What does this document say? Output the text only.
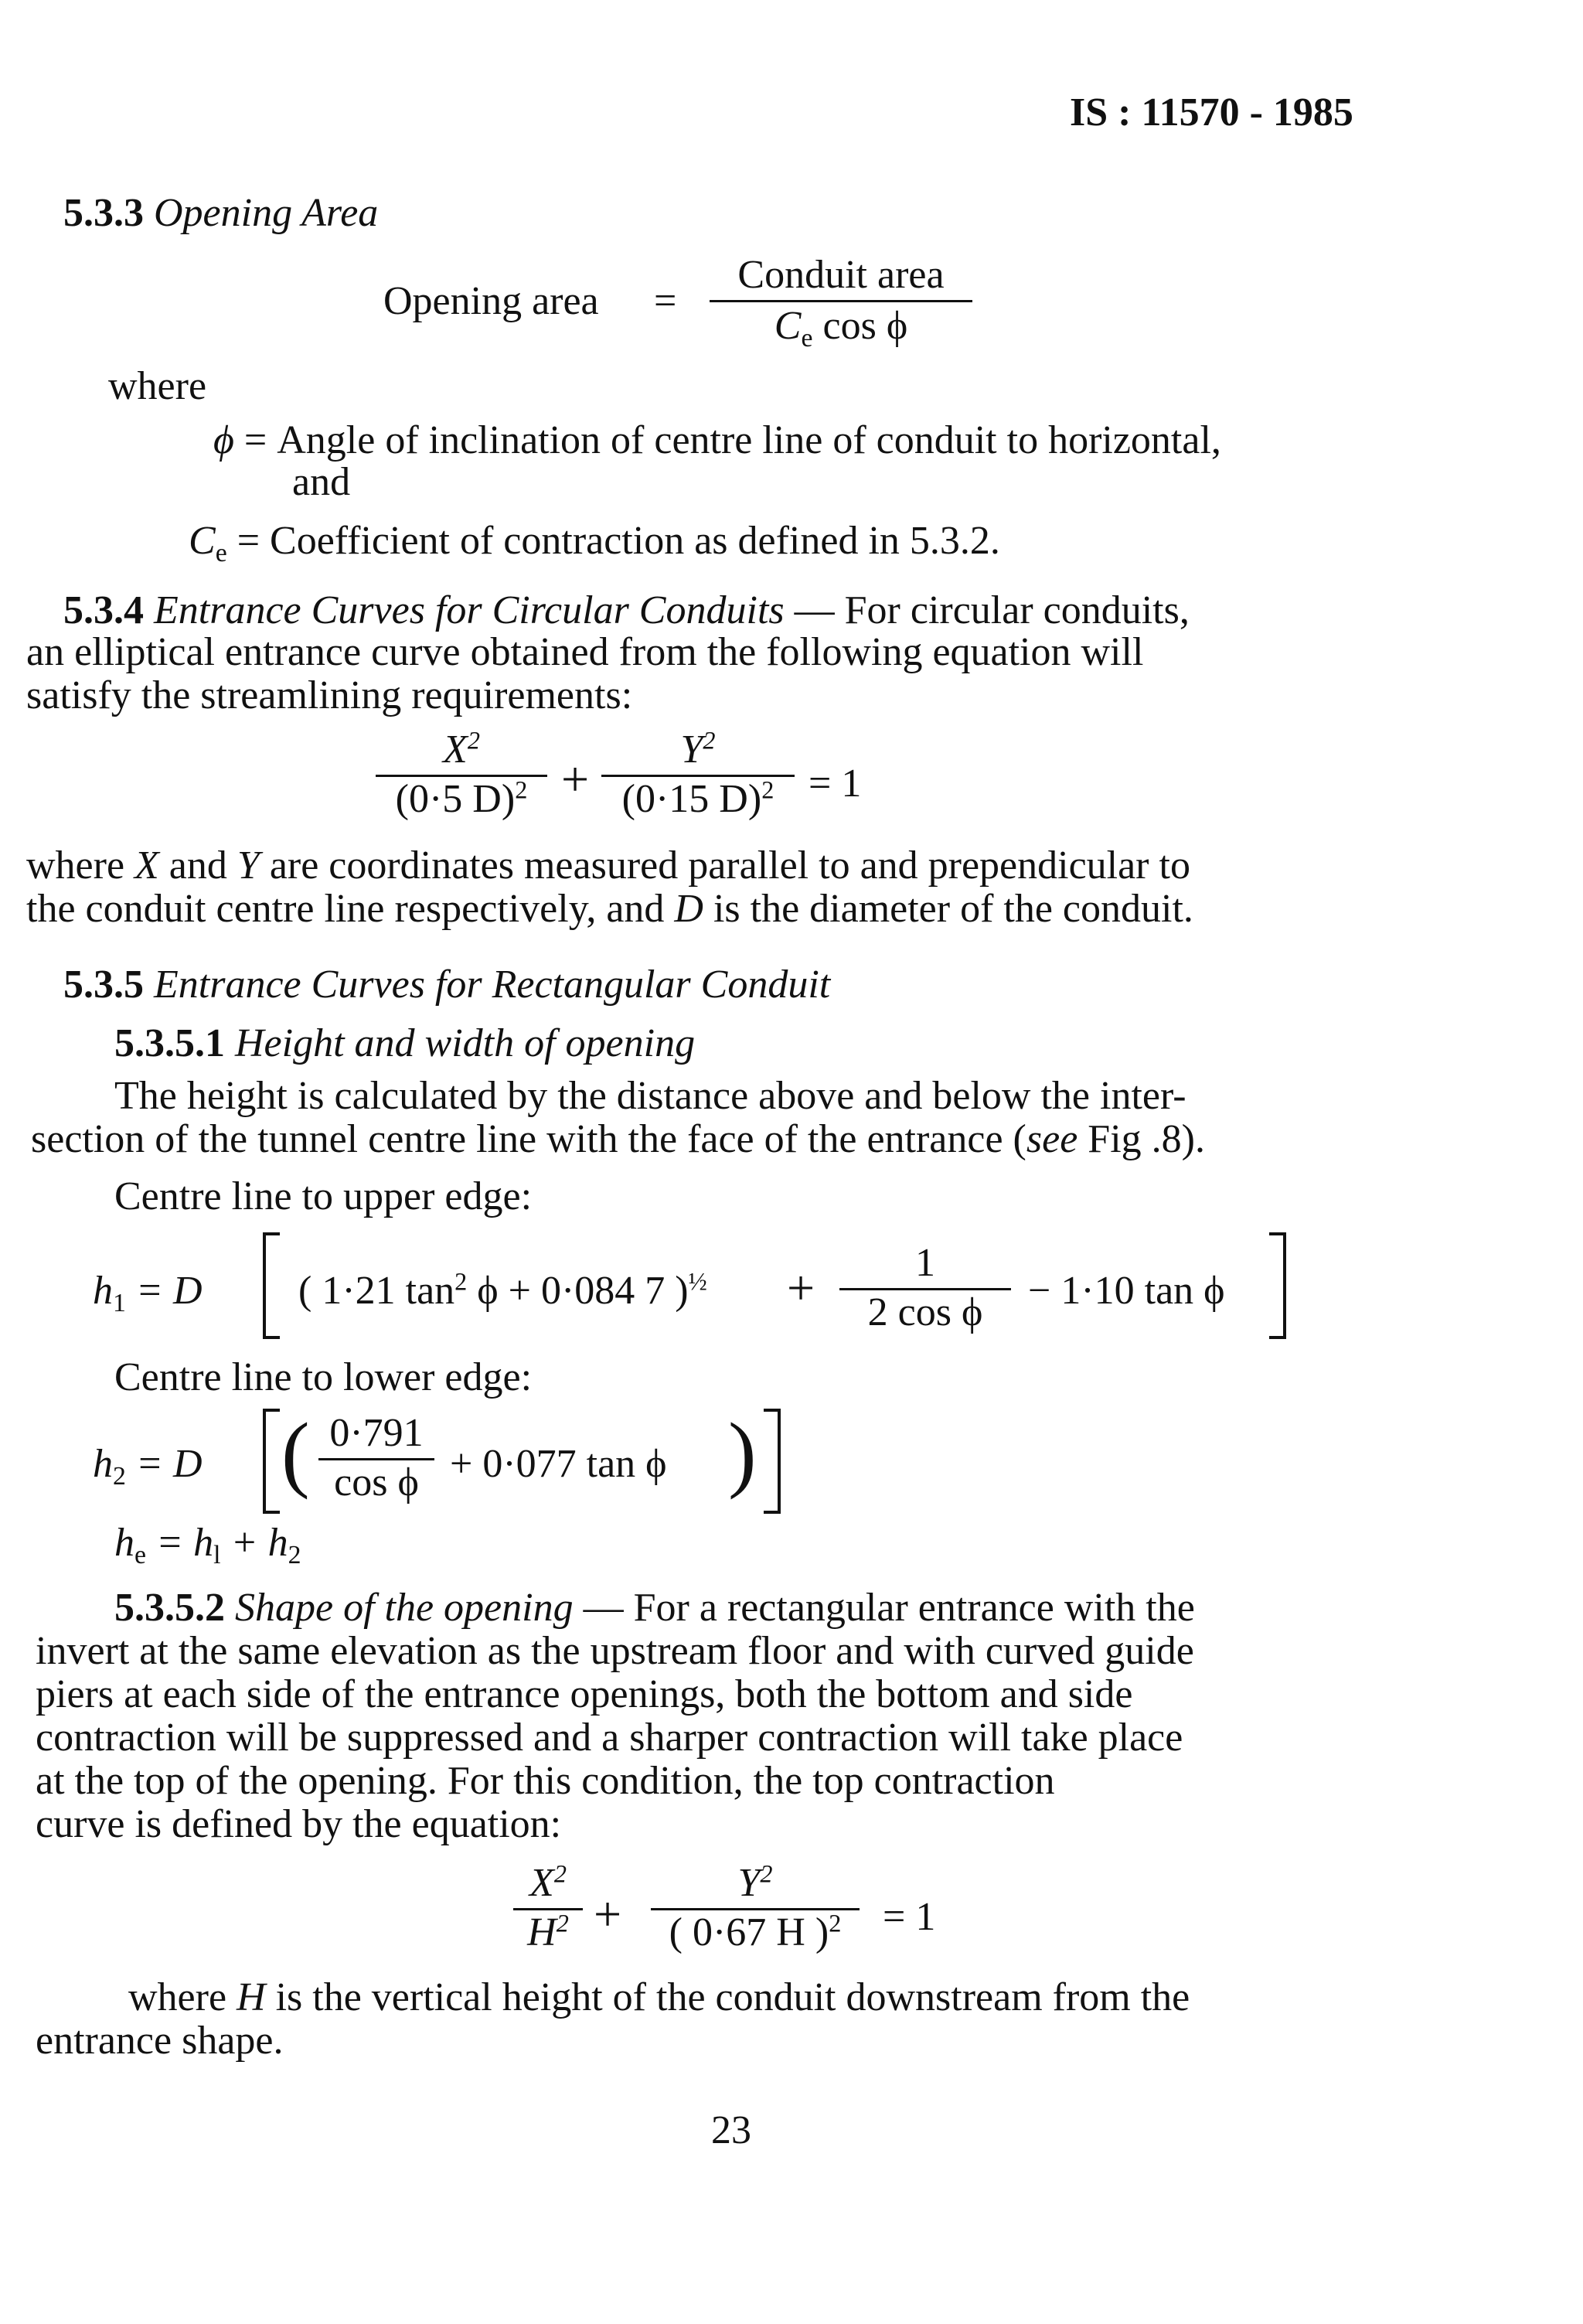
IS : 11570 - 1985
5.3.3 Opening Area
Opening area =
Conduit area
$C_e$ cos ϕ
where
ϕ = Angle of inclination of centre line of conduit to horizontal,
and
$C_e$ = Coefficient of contraction as defined in 5.3.2.
5.3.4 Entrance Curves for Circular Conduits — For circular conduits,
an elliptical entrance curve obtained from the following equation will
satisfy the streamlining requirements:
$X^2$
(0·5 D)$^2$ +
$Y^2$
(0·15 D)$^2$ = 1
where X and Y are coordinates measured parallel to and prependicular to
the conduit centre line respectively, and D is the diameter of the conduit.
5.3.5 Entrance Curves for Rectangular Conduit
5.3.5.1 Height and width of opening
The height is calculated by the distance above and below the inter-
section of the tunnel centre line with the face of the entrance (see Fig .8).
Centre line to upper edge:
$h_1 = D$ ( 1·21 $\tan^2 \phi + 0\cdot 084$ 7 )$^{\frac{1}{2}}$ +	1
2 cos ϕ	− 1·10 tan ϕ
Centre line to lower edge:
$h_2 = D$ ( 0·791
cos ϕ + 0·077 tan ϕ )
$h_e = h_l + h_2$
5.3.5.2 Shape of the opening — For a rectangular entrance with the
invert at the same elevation as the upstream floor and with curved guide
piers at each side of the entrance openings, both the bottom and side
contraction will be suppressed and a sharper contraction will take place
at the top of the opening. For this condition, the top contraction
curve is defined by the equation:
$X^2$
$H^2$ +
$Y^2$
( 0·67 H )$^2$	= 1
where H is the vertical height of the conduit downstream from the
entrance shape.
23
